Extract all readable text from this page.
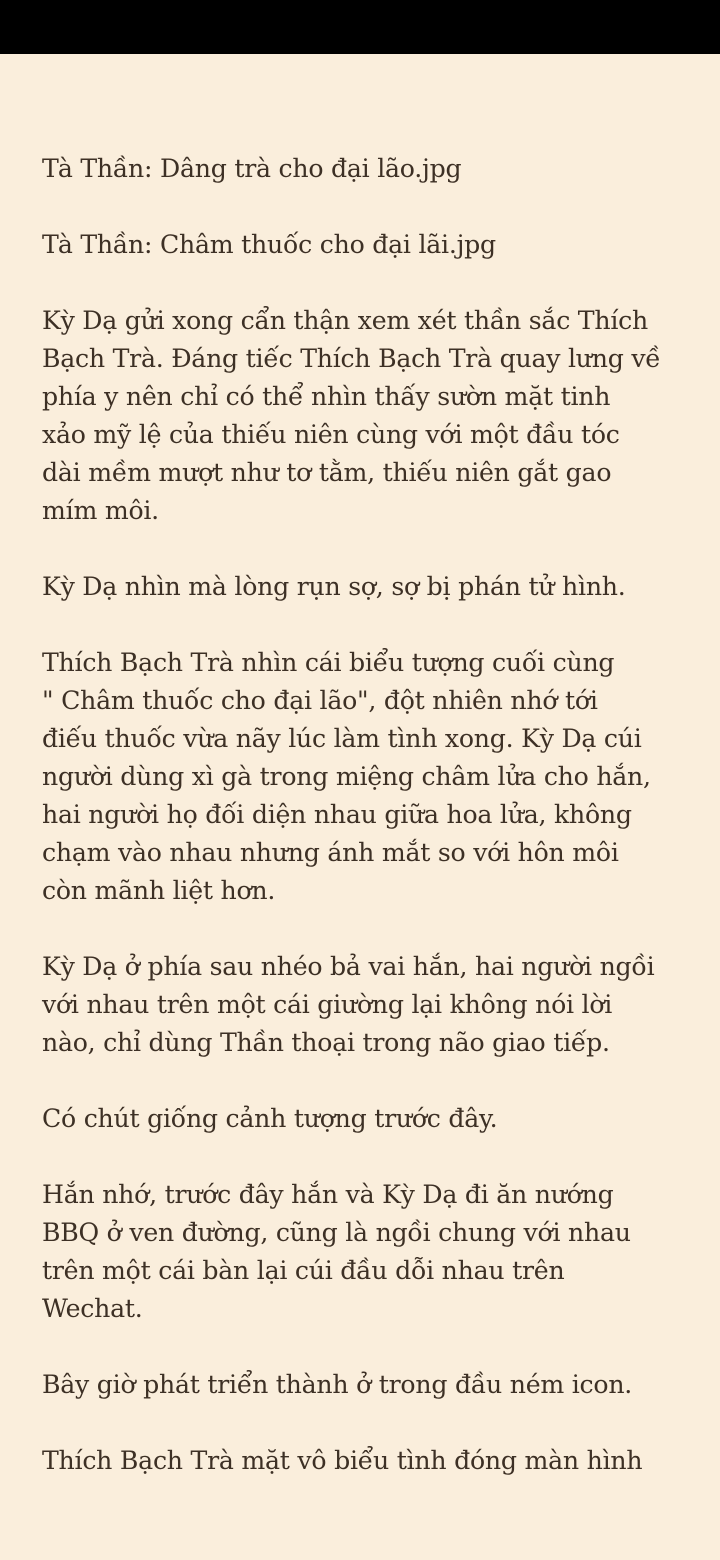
Tà Thần: Dâng trà cho đại lão.jpg

Tà Thần: Châm thuốc cho đại lãi.jpg

Kỳ Dạ gửi xong cẩn thận xem xét thần sắc Thích
Bạch Trà. Đáng tiếc Thích Bạch Trà quay lưng về
phía y nên chỉ có thể nhìn thấy sườn mặt tinh
xảo mỹ lệ của thiếu niên cùng với một đầu tóc
dài mềm mượt như tơ tằm, thiếu niên gắt gao
mím môi.

Kỳ Dạ nhìn mà lòng rụn sợ, sợ bị phán tử hình.

Thích Bạch Trà nhìn cái biểu tượng cuối cùng
" Châm thuốc cho đại lão", đột nhiên nhớ tới
điếu thuốc vừa nãy lúc làm tình xong. Kỳ Dạ cúi
người dùng xì gà trong miệng châm lửa cho hắn,
hai người họ đối diện nhau giữa hoa lửa, không
chạm vào nhau nhưng ánh mắt so với hôn môi
còn mãnh liệt hơn.

Kỳ Dạ ở phía sau nhéo bả vai hắn, hai người ngồi
với nhau trên một cái giường lại không nói lời
nào, chỉ dùng Thần thoại trong não giao tiếp.

Có chút giống cảnh tượng trước đây.

Hắn nhớ, trước đây hắn và Kỳ Dạ đi ăn nướng
BBQ ở ven đường, cũng là ngồi chung với nhau
trên một cái bàn lại cúi đầu dỗi nhau trên
Wechat.

Bây giờ phát triển thành ở trong đầu ném icon.

Thích Bạch Trà mặt vô biểu tình đóng màn hình
